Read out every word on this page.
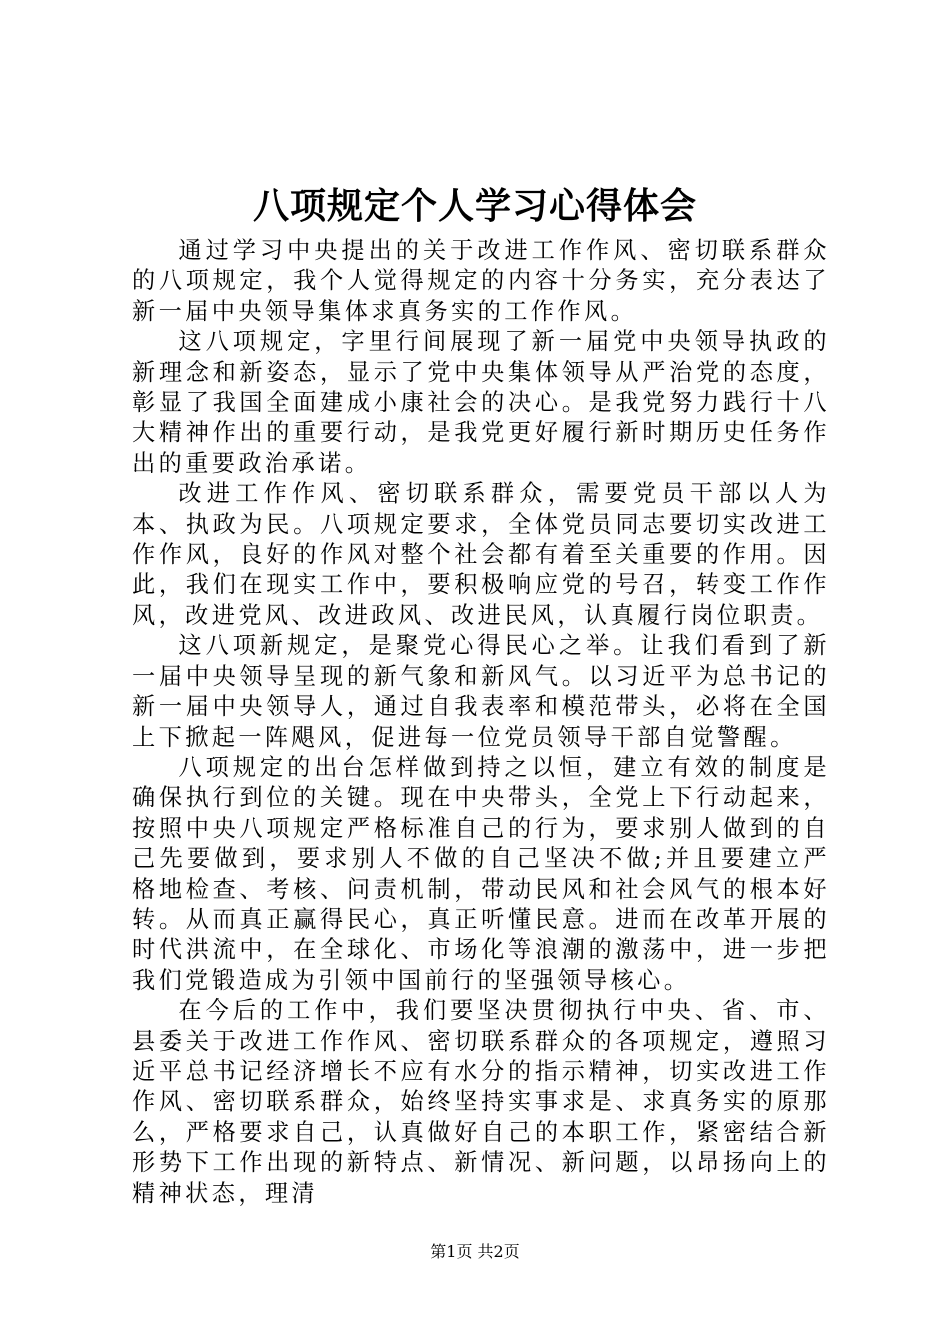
八项规定个人学习心得体会

通过学习中央提出的关于改进工作作风、密切联系群众的八项规定，我个人觉得规定的内容十分务实，充分表达了新一届中央领导集体求真务实的工作作风。

这八项规定，字里行间展现了新一届党中央领导执政的新理念和新姿态，显示了党中央集体领导从严治党的态度，彰显了我国全面建成小康社会的决心。是我党努力践行十八大精神作出的重要行动，是我党更好履行新时期历史任务作出的重要政治承诺。

改进工作作风、密切联系群众，需要党员干部以人为本、执政为民。八项规定要求，全体党员同志要切实改进工作作风，良好的作风对整个社会都有着至关重要的作用。因此，我们在现实工作中，要积极响应党的号召，转变工作作风，改进党风、改进政风、改进民风，认真履行岗位职责。

这八项新规定，是聚党心得民心之举。让我们看到了新一届中央领导呈现的新气象和新风气。以习近平为总书记的新一届中央领导人，通过自我表率和模范带头，必将在全国上下掀起一阵飓风，促进每一位党员领导干部自觉警醒。

八项规定的出台怎样做到持之以恒，建立有效的制度是确保执行到位的关键。现在中央带头，全党上下行动起来，按照中央八项规定严格标准自己的行为，要求别人做到的自己先要做到，要求别人不做的自己坚决不做;并且要建立严格地检查、考核、问责机制，带动民风和社会风气的根本好转。从而真正赢得民心，真正听懂民意。进而在改革开展的时代洪流中，在全球化、市场化等浪潮的激荡中，进一步把我们党锻造成为引领中国前行的坚强领导核心。

在今后的工作中，我们要坚决贯彻执行中央、省、市、县委关于改进工作作风、密切联系群众的各项规定，遵照习近平总书记经济增长不应有水分的指示精神，切实改进工作作风、密切联系群众，始终坚持实事求是、求真务实的原那么，严格要求自己，认真做好自己的本职工作，紧密结合新形势下工作出现的新特点、新情况、新问题，以昂扬向上的精神状态，理清

第1页 共2页
